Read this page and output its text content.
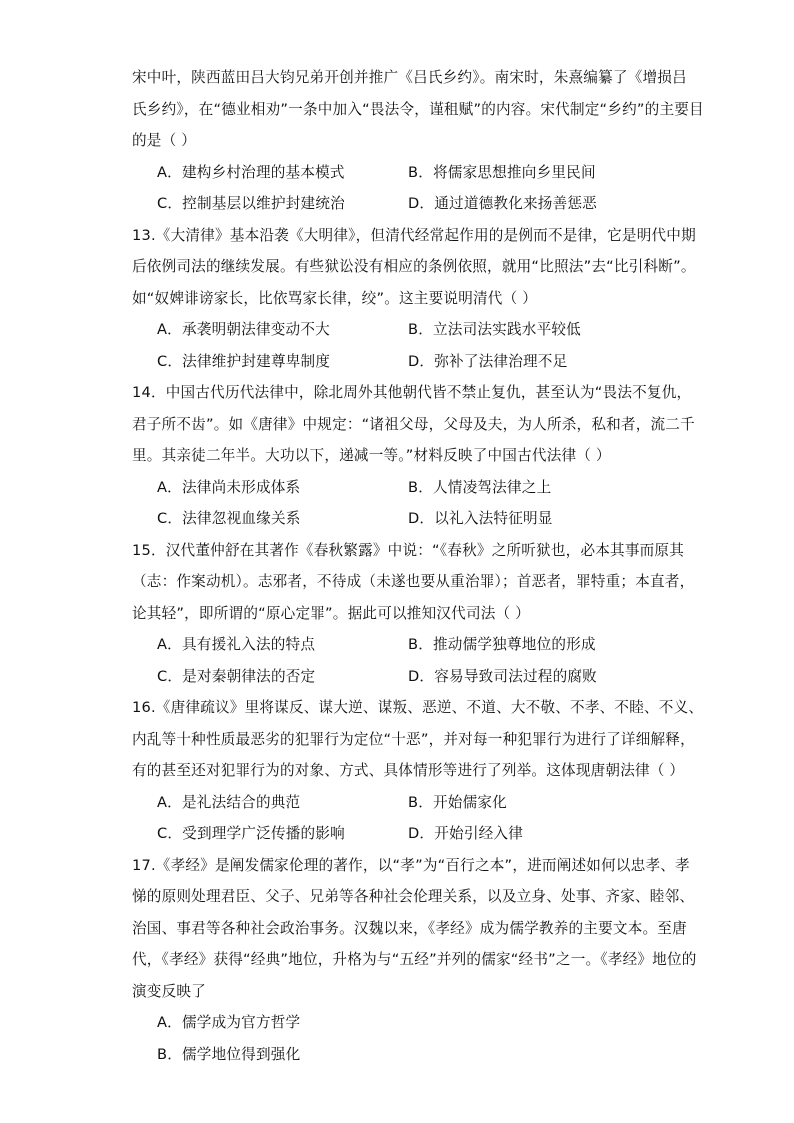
宋中叶，陕西蓝田吕大钧兄弟开创并推广《吕氏乡约》。南宋时，朱熹编纂了《增损吕
氏乡约》，在“德业相劝”一条中加入“畏法令，谨租赋”的内容。宋代制定“乡约”的主要目
的是（ ）

A．建构乡村治理的基本模式	B．将儒家思想推向乡里民间
C．控制基层以维护封建统治	D．通过道德教化来扬善惩恶

13.《大清律》基本沿袭《大明律》，但清代经常起作用的是例而不是律，它是明代中期
后依例司法的继续发展。有些狱讼没有相应的条例依照，就用“比照法”去“比引科断”。
如“奴婢诽谤家长，比依骂家长律，绞”。这主要说明清代（ ）

A．承袭明朝法律变动不大	B．立法司法实践水平较低
C．法律维护封建尊卑制度	D．弥补了法律治理不足

14．中国古代历代法律中，除北周外其他朝代皆不禁止复仇，甚至认为“畏法不复仇，
君子所不齿”。如《唐律》中规定：“诸祖父母，父母及夫，为人所杀，私和者，流二千
里。其亲徒二年半。大功以下，递减一等。”材料反映了中国古代法律（ ）

A．法律尚未形成体系	B．人情凌驾法律之上
C．法律忽视血缘关系	D．以礼入法特征明显

15．汉代董仲舒在其著作《春秋繁露》中说：“《春秋》之所听狱也，必本其事而原其
（志：作案动机）。志邪者，不待成（未遂也要从重治罪）；首恶者，罪特重；本直者，
论其轻”，即所谓的“原心定罪”。据此可以推知汉代司法（ ）

A．具有援礼入法的特点	B．推动儒学独尊地位的形成
C．是对秦朝律法的否定	D．容易导致司法过程的腐败

16.《唐律疏议》里将谋反、谋大逆、谋叛、恶逆、不道、大不敬、不孝、不睦、不义、
内乱等十种性质最恶劣的犯罪行为定位“十恶”，并对每一种犯罪行为进行了详细解释，
有的甚至还对犯罪行为的对象、方式、具体情形等进行了列举。这体现唐朝法律（ ）

A．是礼法结合的典范	B．开始儒家化
C．受到理学广泛传播的影响	D．开始引经入律

17.《孝经》是阐发儒家伦理的著作，以“孝”为“百行之本”，进而阐述如何以忠孝、孝
悌的原则处理君臣、父子、兄弟等各种社会伦理关系，以及立身、处事、齐家、睦邻、
治国、事君等各种社会政治事务。汉魏以来，《孝经》成为儒学教养的主要文本。至唐
代，《孝经》获得“经典”地位，升格为与“五经”并列的儒家“经书”之一。《孝经》地位的
演变反映了

A．儒学成为官方哲学
B．儒学地位得到强化
